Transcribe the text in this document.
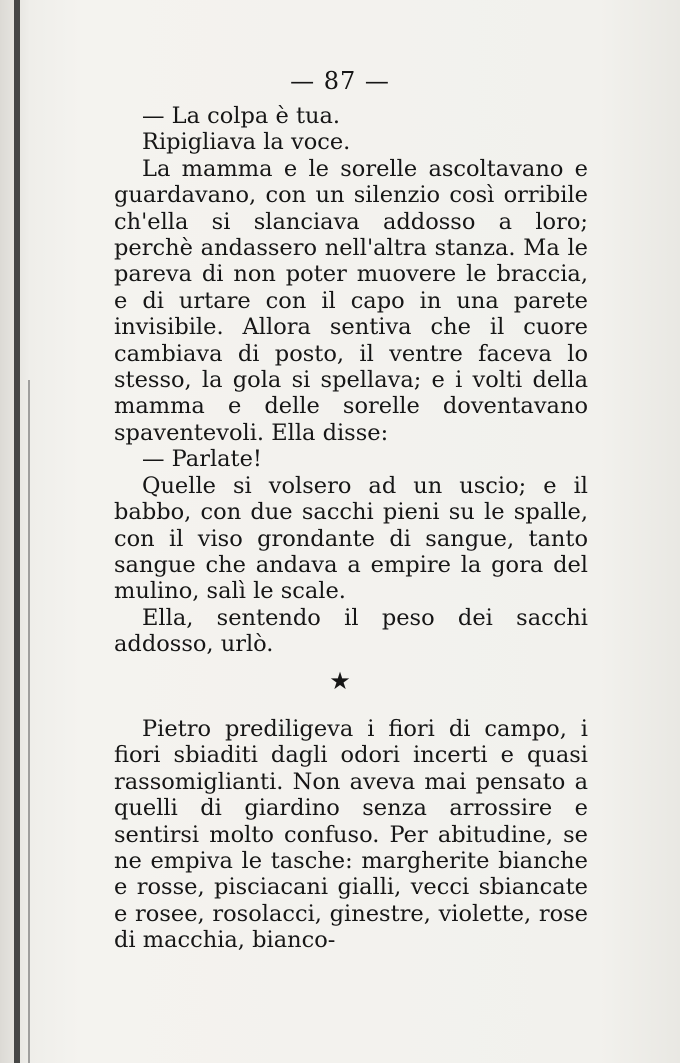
— 87 —

— La colpa è tua.

Ripigliava la voce.

La mamma e le sorelle ascoltavano e guardavano, con un silenzio così orribile ch'ella si slanciava addosso a loro; perchè andassero nell'altra stanza. Ma le pareva di non poter muovere le braccia, e di urtare con il capo in una parete invisibile. Allora sentiva che il cuore cambiava di posto, il ventre faceva lo stesso, la gola si spellava; e i volti della mamma e delle sorelle doventavano spaventevoli. Ella disse:

— Parlate!

Quelle si volsero ad un uscio; e il babbo, con due sacchi pieni su le spalle, con il viso grondante di sangue, tanto sangue che andava a empire la gora del mulino, salì le scale.

Ella, sentendo il peso dei sacchi addosso, urlò.

★

Pietro prediligeva i fiori di campo, i fiori sbiaditi dagli odori incerti e quasi rassomiglianti. Non aveva mai pensato a quelli di giardino senza arrossire e sentirsi molto confuso. Per abitudine, se ne empiva le tasche: margherite bianche e rosse, pisciacani gialli, vecci sbiancate e rosee, rosolacci, ginestre, violette, rose di macchia, bianco-
